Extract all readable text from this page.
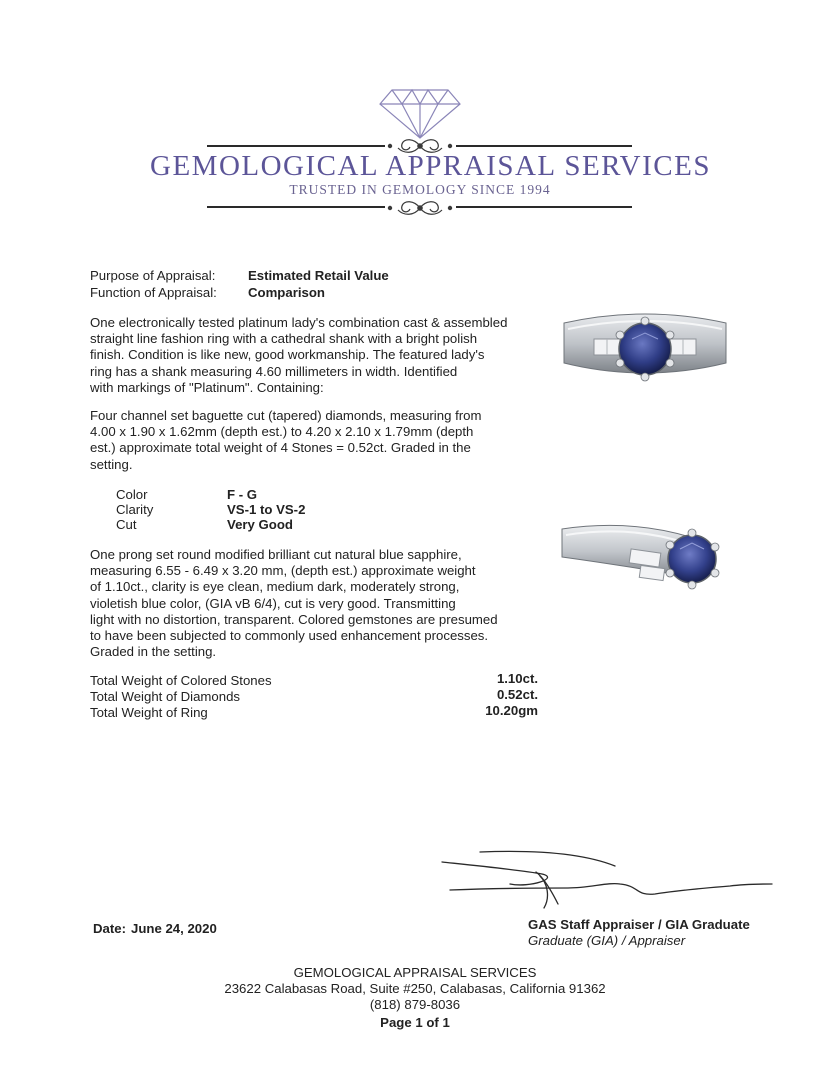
GEMOLOGICAL APPRAISAL SERVICES
TRUSTED IN GEMOLOGY SINCE 1994
Purpose of Appraisal: Estimated Retail Value
Function of Appraisal: Comparison
One electronically tested platinum lady's combination cast & assembled
straight line fashion ring with a cathedral shank with a bright polish
finish. Condition is like new, good workmanship. The featured lady's
ring has a shank measuring 4.60 millimeters in width. Identified
with markings of "Platinum". Containing:
Four channel set baguette cut (tapered) diamonds, measuring from
4.00 x 1.90 x 1.62mm (depth est.) to 4.20 x 2.10 x 1.79mm (depth
est.) approximate total weight of 4 Stones = 0.52ct. Graded in the
setting.
Color	F - G
Clarity	VS-1 to VS-2
Cut	Very Good
One prong set round modified brilliant cut natural blue sapphire,
measuring 6.55 - 6.49 x 3.20 mm, (depth est.) approximate weight
of 1.10ct., clarity is eye clean, medium dark, moderately strong,
violetish blue color, (GIA vB 6/4), cut is very good. Transmitting
light with no distortion, transparent. Colored gemstones are presumed
to have been subjected to commonly used enhancement processes.
Graded in the setting.
Total Weight of Colored Stones	1.10ct.
Total Weight of Diamonds	0.52ct.
Total Weight of Ring	10.20gm
Date: June 24, 2020	GAS Staff Appraiser / GIA Graduate
Graduate (GIA) / Appraiser
GEMOLOGICAL APPRAISAL SERVICES
23622 Calabasas Road, Suite #250, Calabasas, California 91362
(818) 879-8036
Page 1 of 1
